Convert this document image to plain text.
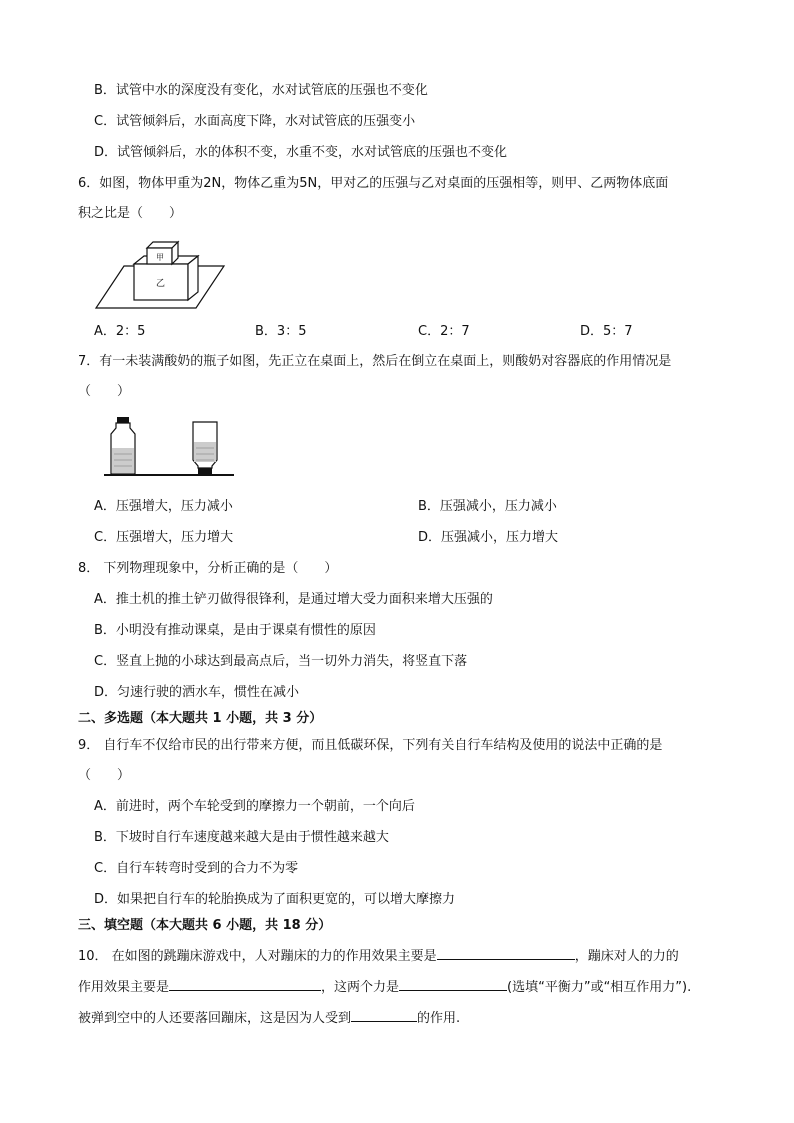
B．试管中水的深度没有变化，水对试管底的压强也不变化
C．试管倾斜后，水面高度下降，水对试管底的压强变小
D．试管倾斜后，水的体积不变，水重不变，水对试管底的压强也不变化
6．如图，物体甲重为2N，物体乙重为5N，甲对乙的压强与乙对桌面的压强相等，则甲、乙两物体底面
积之比是（　　）
甲
乙
A．2：5	B．3：5	C．2：7	D．5：7
7．有一未装满酸奶的瓶子如图，先正立在桌面上，然后在倒立在桌面上，则酸奶对容器底的作用情况是
（　　）
A．压强增大，压力减小	B．压强减小，压力减小
C．压强增大，压力增大	D．压强减小，压力增大
8． 下列物理现象中，分析正确的是（　　）
A．推土机的推土铲刃做得很锋利，是通过增大受力面积来增大压强的
B．小明没有推动课桌，是由于课桌有惯性的原因
C．竖直上抛的小球达到最高点后，当一切外力消失，将竖直下落
D．匀速行驶的洒水车，惯性在减小
二、多选题（本大题共 1 小题，共 3 分）
9． 自行车不仅给市民的出行带来方便，而且低碳环保，下列有关自行车结构及使用的说法中正确的是
（　　）
A．前进时，两个车轮受到的摩擦力一个朝前，一个向后
B．下坡时自行车速度越来越大是由于惯性越来越大
C．自行车转弯时受到的合力不为零
D．如果把自行车的轮胎换成为了面积更宽的，可以增大摩擦力
三、填空题（本大题共 6 小题，共 18 分）
10． 在如图的跳蹦床游戏中，人对蹦床的力的作用效果主要是	，蹦床对人的力的
作用效果主要是	，这两个力是	(选填“平衡力”或“相互作用力”).
被弹到空中的人还要落回蹦床，这是因为人受到	的作用.
